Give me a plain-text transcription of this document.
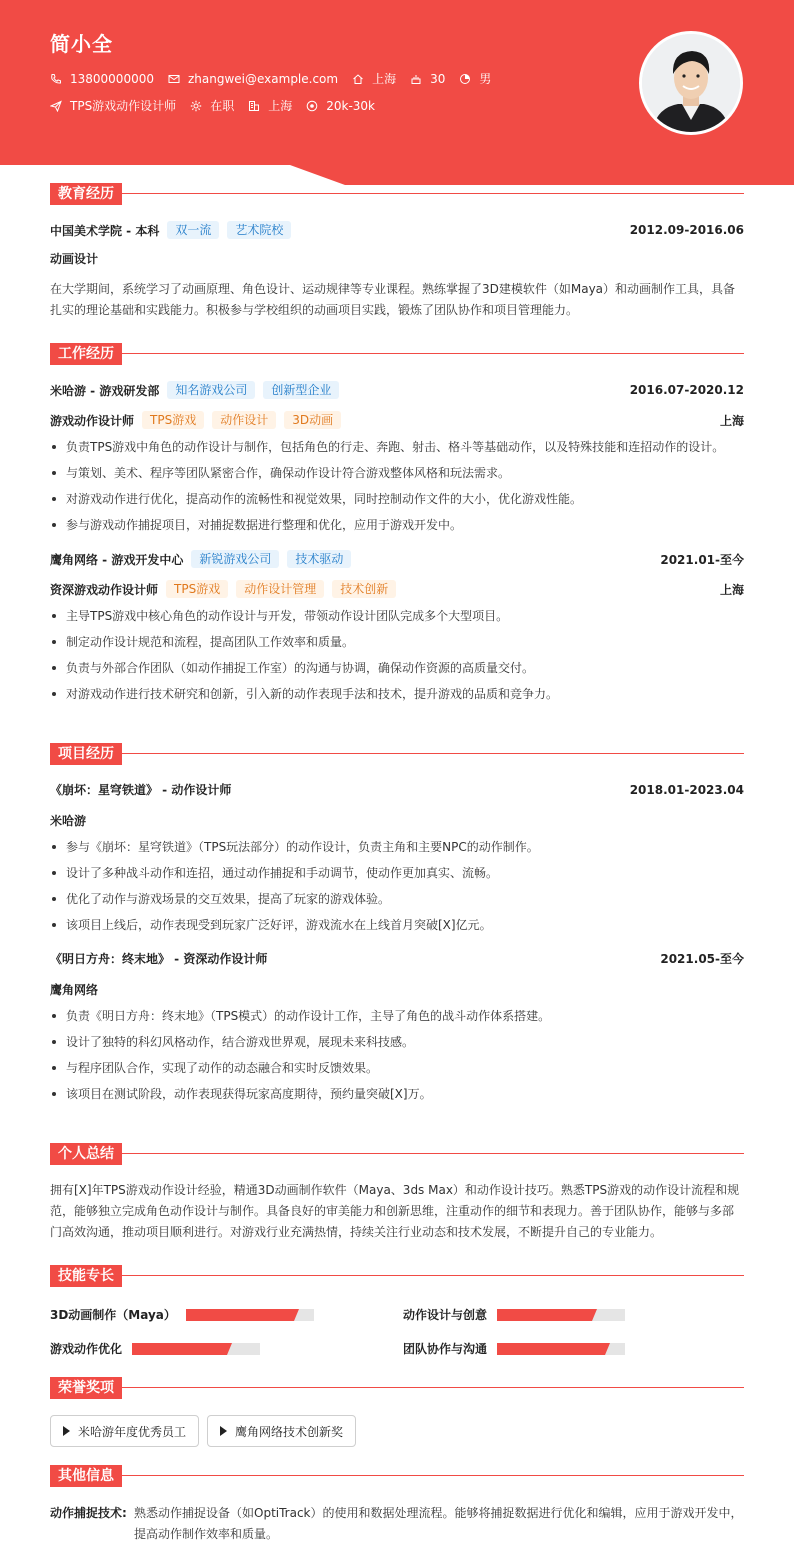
简小全
13800000000	zhangwei@example.com	上海	30	男
TPS游戏动作设计师	在职	上海	20k-30k
教育经历
中国美术学院 - 本科	双一流	艺术院校	2012.09-2016.06
动画设计
在大学期间，系统学习了动画原理、角色设计、运动规律等专业课程。熟练掌握了3D建模软件（如Maya）和动画制作工具，具备扎实的理论基础和实践能力。积极参与学校组织的动画项目实践，锻炼了团队协作和项目管理能力。
工作经历
米哈游 - 游戏研发部	知名游戏公司	创新型企业	2016.07-2020.12
游戏动作设计师	TPS游戏	动作设计	3D动画	上海
负责TPS游戏中角色的动作设计与制作，包括角色的行走、奔跑、射击、格斗等基础动作，以及特殊技能和连招动作的设计。
与策划、美术、程序等团队紧密合作，确保动作设计符合游戏整体风格和玩法需求。
对游戏动作进行优化，提高动作的流畅性和视觉效果，同时控制动作文件的大小，优化游戏性能。
参与游戏动作捕捉项目，对捕捉数据进行整理和优化，应用于游戏开发中。
鹰角网络 - 游戏开发中心	新锐游戏公司	技术驱动	2021.01-至今
资深游戏动作设计师	TPS游戏	动作设计管理	技术创新	上海
主导TPS游戏中核心角色的动作设计与开发，带领动作设计团队完成多个大型项目。
制定动作设计规范和流程，提高团队工作效率和质量。
负责与外部合作团队（如动作捕捉工作室）的沟通与协调，确保动作资源的高质量交付。
对游戏动作进行技术研究和创新，引入新的动作表现手法和技术，提升游戏的品质和竞争力。
项目经历
《崩坏：星穹铁道》 - 动作设计师	2018.01-2023.04
米哈游
参与《崩坏：星穹铁道》（TPS玩法部分）的动作设计，负责主角和主要NPC的动作制作。
设计了多种战斗动作和连招，通过动作捕捉和手动调节，使动作更加真实、流畅。
优化了动作与游戏场景的交互效果，提高了玩家的游戏体验。
该项目上线后，动作表现受到玩家广泛好评，游戏流水在上线首月突破[X]亿元。
《明日方舟：终末地》 - 资深动作设计师	2021.05-至今
鹰角网络
负责《明日方舟：终末地》（TPS模式）的动作设计工作，主导了角色的战斗动作体系搭建。
设计了独特的科幻风格动作，结合游戏世界观，展现未来科技感。
与程序团队合作，实现了动作的动态融合和实时反馈效果。
该项目在测试阶段，动作表现获得玩家高度期待，预约量突破[X]万。
个人总结
拥有[X]年TPS游戏动作设计经验，精通3D动画制作软件（Maya、3ds Max）和动作设计技巧。熟悉TPS游戏的动作设计流程和规范，能够独立完成角色动作设计与制作。具备良好的审美能力和创新思维，注重动作的细节和表现力。善于团队协作，能够与多部门高效沟通，推动项目顺利进行。对游戏行业充满热情，持续关注行业动态和技术发展，不断提升自己的专业能力。
技能专长
3D动画制作（Maya）	动作设计与创意
游戏动作优化	团队协作与沟通
荣誉奖项
米哈游年度优秀员工	鹰角网络技术创新奖
其他信息
动作捕捉技术: 熟悉动作捕捉设备（如OptiTrack）的使用和数据处理流程。能够将捕捉数据进行优化和编辑，应用于游戏开发中，
提高动作制作效率和质量。
